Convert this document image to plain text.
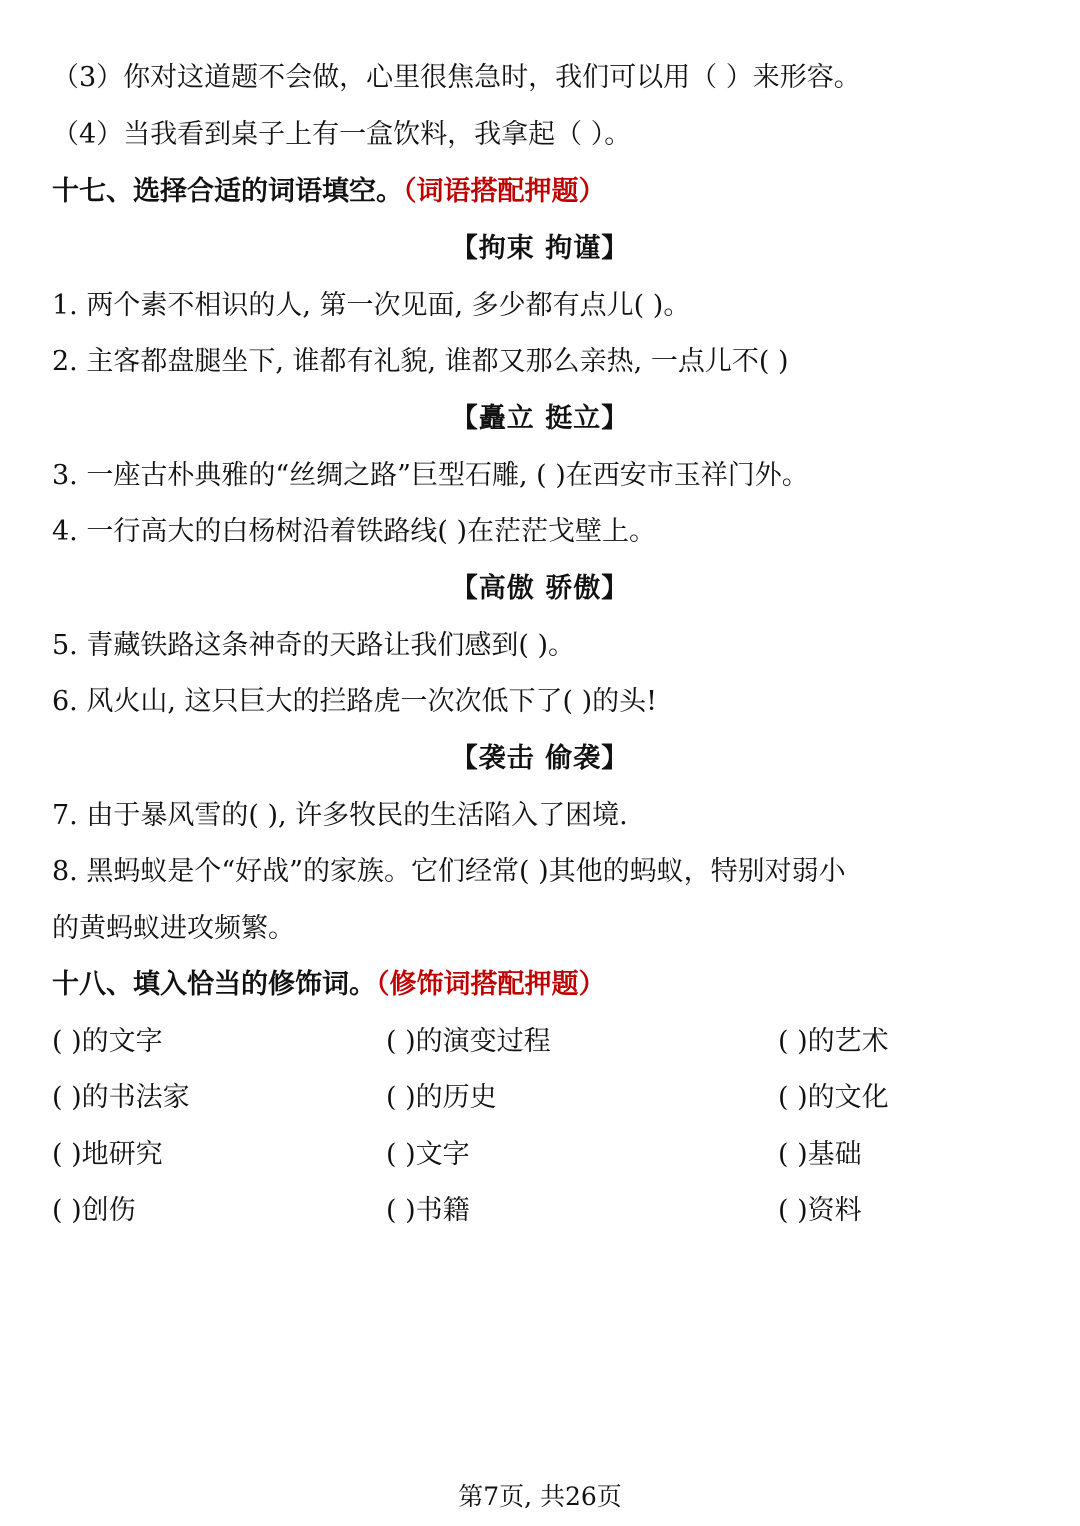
（3）你对这道题不会做，心里很焦急时，我们可以用（ ）来形容。
（4）当我看到桌子上有一盒饮料，我拿起（ ）。
十七、选择合适的词语填空。（词语搭配押题）
【拘束 拘谨】
1. 两个素不相识的人, 第一次见面, 多少都有点儿( )。
2. 主客都盘腿坐下, 谁都有礼貌, 谁都又那么亲热, 一点儿不( )
【矗立 挺立】
3. 一座古朴典雅的“丝绸之路”巨型石雕, ( )在西安市玉祥门外。
4. 一行高大的白杨树沿着铁路线( )在茫茫戈壁上。
【高傲 骄傲】
5. 青藏铁路这条神奇的天路让我们感到( )。
6. 风火山, 这只巨大的拦路虎一次次低下了( )的头!
【袭击 偷袭】
7. 由于暴风雪的( ), 许多牧民的生活陷入了困境.
8. 黑蚂蚁是个“好战”的家族。它们经常( )其他的蚂蚁，特别对弱小
的黄蚂蚁进攻频繁。
十八、填入恰当的修饰词。（修饰词搭配押题）
( )的文字	( )的演变过程	( )的艺术
( )的书法家	( )的历史	( )的文化
( )地研究	( )文字	( )基础
( )创伤	( )书籍	( )资料
第7页, 共26页
